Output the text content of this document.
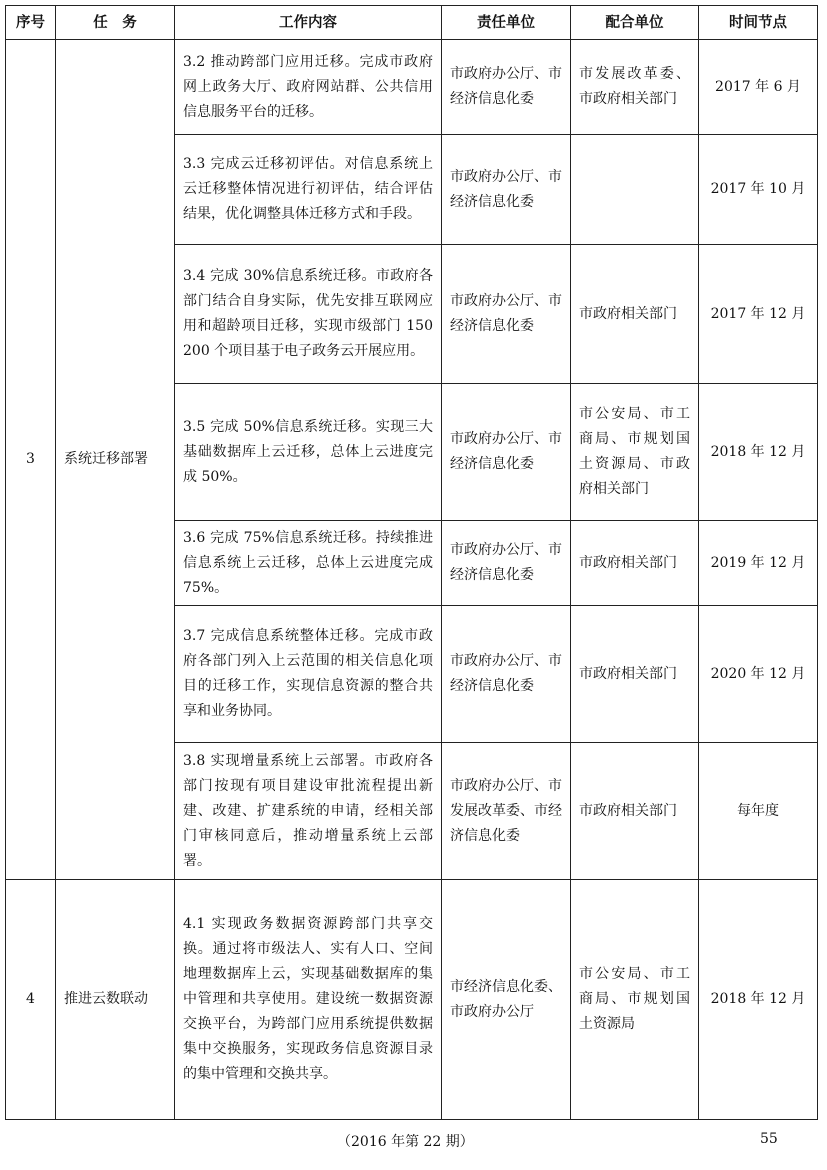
序号	任　务	工作内容	责任单位	配合单位	时间节点
3	系统迁移部署	3.2 推动跨部门应用迁移。完成市政府网上政务大厅、政府网站群、公共信用信息服务平台的迁移。	市政府办公厅、市经济信息化委	市发展改革委、市政府相关部门	2017 年 6 月
		3.3 完成云迁移初评估。对信息系统上云迁移整体情况进行初评估，结合评估结果，优化调整具体迁移方式和手段。	市政府办公厅、市经济信息化委		2017 年 10 月
		3.4 完成 30%信息系统迁移。市政府各部门结合自身实际，优先安排互联网应用和超龄项目迁移，实现市级部门 150　200 个项目基于电子政务云开展应用。	市政府办公厅、市经济信息化委	市政府相关部门	2017 年 12 月
		3.5 完成 50%信息系统迁移。实现三大基础数据库上云迁移，总体上云进度完成 50%。	市政府办公厅、市经济信息化委	市公安局、市工商局、市规划国土资源局、市政府相关部门	2018 年 12 月
		3.6 完成 75%信息系统迁移。持续推进信息系统上云迁移，总体上云进度完成 75%。	市政府办公厅、市经济信息化委	市政府相关部门	2019 年 12 月
		3.7 完成信息系统整体迁移。完成市政府各部门列入上云范围的相关信息化项目的迁移工作，实现信息资源的整合共享和业务协同。	市政府办公厅、市经济信息化委	市政府相关部门	2020 年 12 月
		3.8 实现增量系统上云部署。市政府各部门按现有项目建设审批流程提出新建、改建、扩建系统的申请，经相关部门审核同意后，推动增量系统上云部署。	市政府办公厅、市发展改革委、市经济信息化委	市政府相关部门	每年度
4	推进云数联动	4.1 实现政务数据资源跨部门共享交换。通过将市级法人、实有人口、空间地理数据库上云，实现基础数据库的集中管理和共享使用。建设统一数据资源交换平台，为跨部门应用系统提供数据集中交换服务，实现政务信息资源目录的集中管理和交换共享。	市经济信息化委、市政府办公厅	市公安局、市工商局、市规划国土资源局	2018 年 12 月
（2016 年第 22 期）	55
